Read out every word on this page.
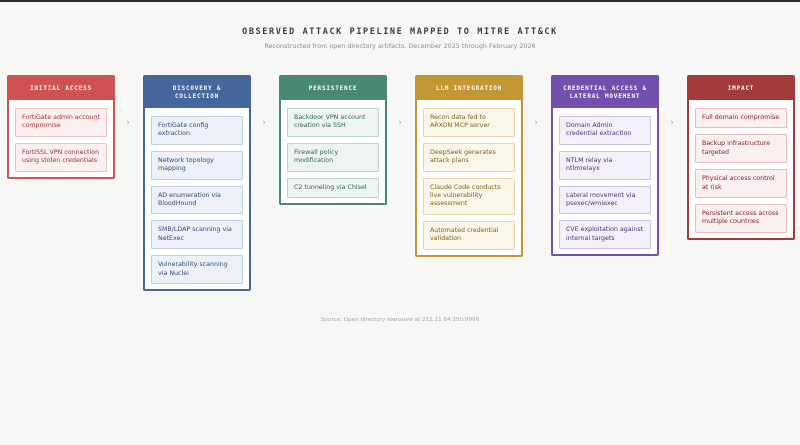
OBSERVED ATTACK PIPELINE MAPPED TO MITRE ATT&CK
Reconstructed from open directory artifacts, December 2025 through February 2026
INITIAL ACCESS
FortiGate admin account compromise
FortiSSL VPN connection using stolen credentials
DISCOVERY & COLLECTION
FortiGate config extraction
Network topology mapping
AD enumeration via BloodHound
SMB/LDAP scanning via NetExec
Vulnerability scanning via Nuclei
PERSISTENCE
Backdoor VPN account creation via SSH
Firewall policy modification
C2 tunneling via Chisel
LLM INTEGRATION
Recon data fed to ARXON MCP server
DeepSeek generates attack plans
Claude Code conducts live vulnerability assessment
Automated credential validation
CREDENTIAL ACCESS & LATERAL MOVEMENT
Domain Admin credential extraction
NTLM relay via ntlmrelayx
Lateral movement via psexec/wmiexec
CVE exploitation against internal targets
IMPACT
Full domain compromise
Backup infrastructure targeted
Physical access control at risk
Persistent access across multiple countries
›	›	›	›	›
Source: Open directory exposure at 212.11.64.250:9999
